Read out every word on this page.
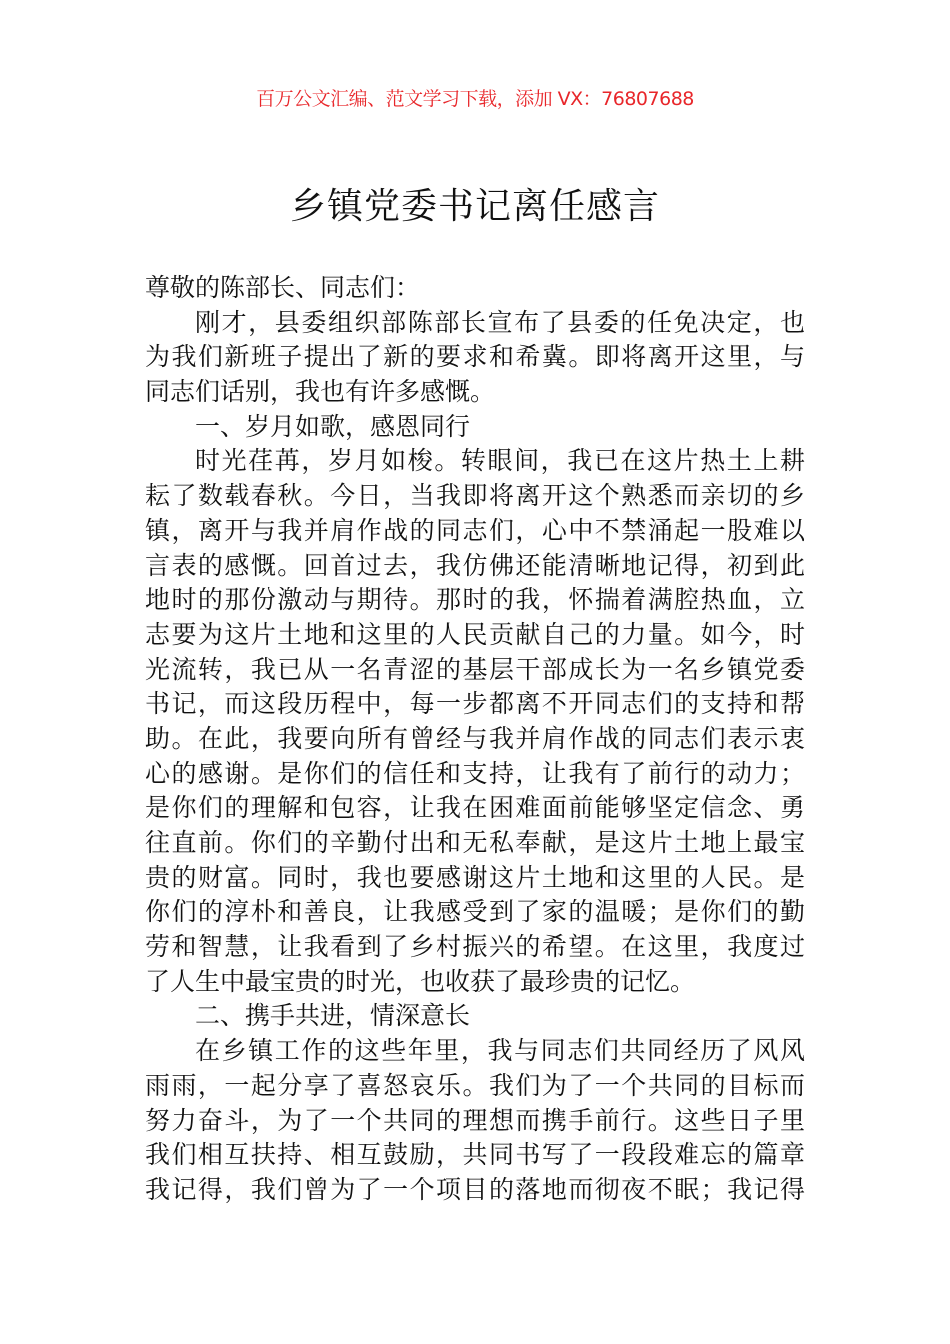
百万公文汇编、范文学习下载，添加 VX：76807688
乡镇党委书记离任感言
尊敬的陈部长、同志们：
刚才，县委组织部陈部长宣布了县委的任免决定，也
为我们新班子提出了新的要求和希冀。即将离开这里，与
同志们话别，我也有许多感慨。
一、岁月如歌，感恩同行
时光荏苒，岁月如梭。转眼间，我已在这片热土上耕
耘了数载春秋。今日，当我即将离开这个熟悉而亲切的乡
镇，离开与我并肩作战的同志们，心中不禁涌起一股难以
言表的感慨。回首过去，我仿佛还能清晰地记得，初到此
地时的那份激动与期待。那时的我，怀揣着满腔热血，立
志要为这片土地和这里的人民贡献自己的力量。如今，时
光流转，我已从一名青涩的基层干部成长为一名乡镇党委
书记，而这段历程中，每一步都离不开同志们的支持和帮
助。在此，我要向所有曾经与我并肩作战的同志们表示衷
心的感谢。是你们的信任和支持，让我有了前行的动力；
是你们的理解和包容，让我在困难面前能够坚定信念、勇
往直前。你们的辛勤付出和无私奉献，是这片土地上最宝
贵的财富。同时，我也要感谢这片土地和这里的人民。是
你们的淳朴和善良，让我感受到了家的温暖；是你们的勤
劳和智慧，让我看到了乡村振兴的希望。在这里，我度过
了人生中最宝贵的时光，也收获了最珍贵的记忆。
二、携手共进，情深意长
在乡镇工作的这些年里，我与同志们共同经历了风风
雨雨，一起分享了喜怒哀乐。我们为了一个共同的目标而
努力奋斗，为了一个共同的理想而携手前行。这些日子里
我们相互扶持、相互鼓励，共同书写了一段段难忘的篇章
我记得，我们曾为了一个项目的落地而彻夜不眠；我记得
